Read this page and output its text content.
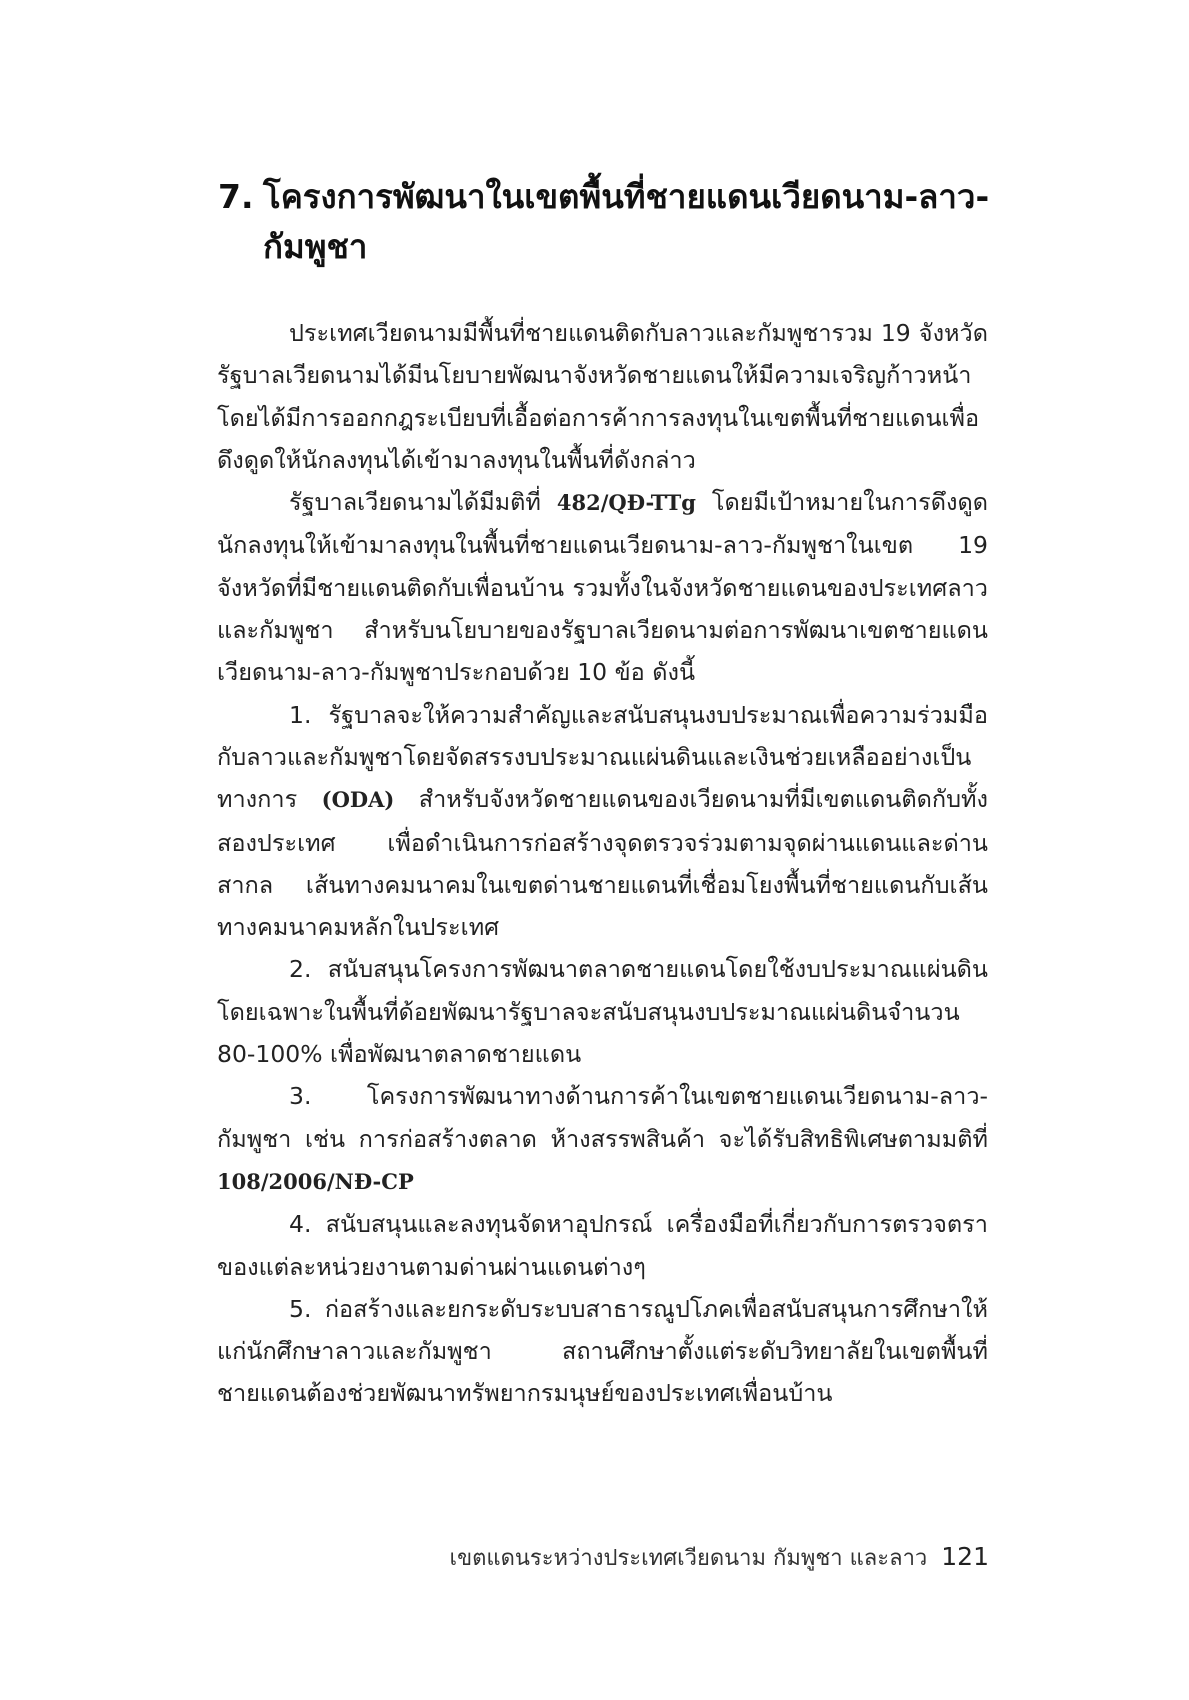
7. โครงการพัฒนาในเขตพื้นที่ชายแดนเวียดนาม-ลาว-กัมพูชา

ประเทศเวียดนามมีพื้นที่ชายแดนติดกับลาวและกัมพูชารวม 19 จังหวัด รัฐบาลเวียดนามได้มีนโยบายพัฒนาจังหวัดชายแดนให้มีความเจริญก้าวหน้า โดยได้มีการออกกฎระเบียบที่เอื้อต่อการค้าการลงทุนในเขตพื้นที่ชายแดนเพื่อดึงดูดให้นักลงทุนได้เข้ามาลงทุนในพื้นที่ดังกล่าว

รัฐบาลเวียดนามได้มีมติที่ 482/QĐ-TTg โดยมีเป้าหมายในการดึงดูดนักลงทุนให้เข้ามาลงทุนในพื้นที่ชายแดนเวียดนาม-ลาว-กัมพูชาในเขต 19 จังหวัดที่มีชายแดนติดกับเพื่อนบ้าน รวมทั้งในจังหวัดชายแดนของประเทศลาวและกัมพูชา สำหรับนโยบายของรัฐบาลเวียดนามต่อการพัฒนาเขตชายแดนเวียดนาม-ลาว-กัมพูชาประกอบด้วย 10 ข้อ ดังนี้

1. รัฐบาลจะให้ความสำคัญและสนับสนุนงบประมาณเพื่อความร่วมมือกับลาวและกัมพูชาโดยจัดสรรงบประมาณแผ่นดินและเงินช่วยเหลืออย่างเป็นทางการ (ODA) สำหรับจังหวัดชายแดนของเวียดนามที่มีเขตแดนติดกับทั้งสองประเทศ เพื่อดำเนินการก่อสร้างจุดตรวจร่วมตามจุดผ่านแดนและด่านสากล เส้นทางคมนาคมในเขตด่านชายแดนที่เชื่อมโยงพื้นที่ชายแดนกับเส้นทางคมนาคมหลักในประเทศ

2. สนับสนุนโครงการพัฒนาตลาดชายแดนโดยใช้งบประมาณแผ่นดิน โดยเฉพาะในพื้นที่ด้อยพัฒนารัฐบาลจะสนับสนุนงบประมาณแผ่นดินจำนวน 80-100% เพื่อพัฒนาตลาดชายแดน

3. โครงการพัฒนาทางด้านการค้าในเขตชายแดนเวียดนาม-ลาว-กัมพูชา เช่น การก่อสร้างตลาด ห้างสรรพสินค้า จะได้รับสิทธิพิเศษตามมติที่ 108/2006/NĐ-CP

4. สนับสนุนและลงทุนจัดหาอุปกรณ์ เครื่องมือที่เกี่ยวกับการตรวจตราของแต่ละหน่วยงานตามด่านผ่านแดนต่างๆ

5. ก่อสร้างและยกระดับระบบสาธารณูปโภคเพื่อสนับสนุนการศึกษาให้แก่นักศึกษาลาวและกัมพูชา สถานศึกษาตั้งแต่ระดับวิทยาลัยในเขตพื้นที่ชายแดนต้องช่วยพัฒนาทรัพยากรมนุษย์ของประเทศเพื่อนบ้าน

เขตแดนระหว่างประเทศเวียดนาม กัมพูชา และลาว 121
